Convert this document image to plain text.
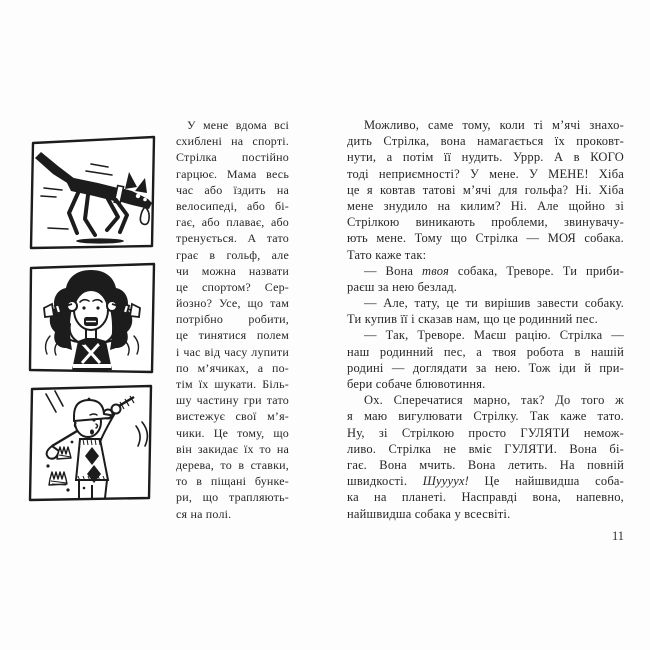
У мене вдома всі
схиблені на спорті.
Стрілка постійно
гарцює. Мама весь
час або їздить на
велосипеді, або бі-
гає, або плаває, або
тренується. А тато
грає в гольф, але
чи можна назвати
це спортом? Сер-
йозно? Усе, що там
потрібно робити,
це тинятися полем
і час від часу лупити
по м’ячиках, а по-
тім їх шукати. Біль-
шу частину гри тато
вистежує свої м’я-
чики. Це тому, що
він закидає їх то на
дерева, то в ставки,
то в піщані бунке-
ри, що трапляють-
ся на полі.
Можливо, саме тому, коли ті м’ячі знахо-
дить Стрілка, вона намагається їх проковт-
нути, а потім її нудить. Уррр. А в КОГО
тоді неприємності? У мене. У МЕНЕ! Хіба
це я ковтав татові м’ячі для гольфа? Ні. Хіба
мене знудило на килим? Ні. Але щойно зі
Стрілкою виникають проблеми, звинувачу-
ють мене. Тому що Стрілка — МОЯ собака.
Тато каже так:
— Вона твоя собака, Треворе. Ти приби-
раєш за нею безлад.
— Але, тату, це ти вирішив завести собаку.
Ти купив її і сказав нам, що це родинний пес.
— Так, Треворе. Маєш рацію. Стрілка —
наш родинний пес, а твоя робота в нашій
родині — доглядати за нею. Тож іди й при-
бери собаче блювотиння.
Ох. Сперечатися марно, так? До того ж
я маю вигулювати Стрілку. Так каже тато.
Ну, зі Стрілкою просто ГУЛЯТИ немож-
ливо. Стрілка не вміє ГУЛЯТИ. Вона бі-
гає. Вона мчить. Вона летить. На повній
швидкості. Шуууух! Це найшвидша соба-
ка на планеті. Насправді вона, напевно,
найшвидша собака у всесвіті.
11
